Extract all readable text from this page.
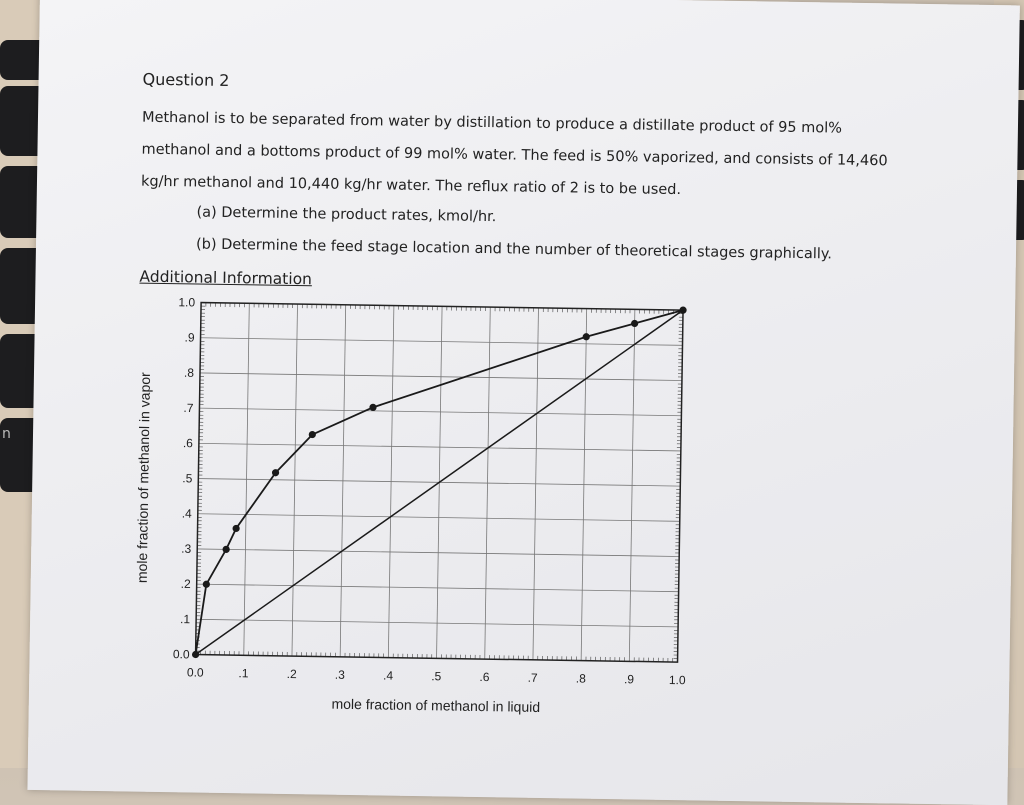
n
Question 2
Methanol is to be separated from water by distillation to produce a distillate product of 95 mol%
methanol and a bottoms product of 99 mol% water. The feed is 50% vaporized, and consists of 14,460
kg/hr methanol and 10,440 kg/hr water. The reflux ratio of 2 is to be used.
(a) Determine the product rates, kmol/hr.
(b) Determine the feed stage location and the number of theoretical stages graphically.
Additional Information
0.0	.1	.2	.3	.4	.5	.6	.7	.8	.9	1.0
0.0
.1
.2
.3
.4
.5
.6
.7
.8
.9
1.0
mole fraction of methanol in liquid
mole fraction of methanol in vapor
